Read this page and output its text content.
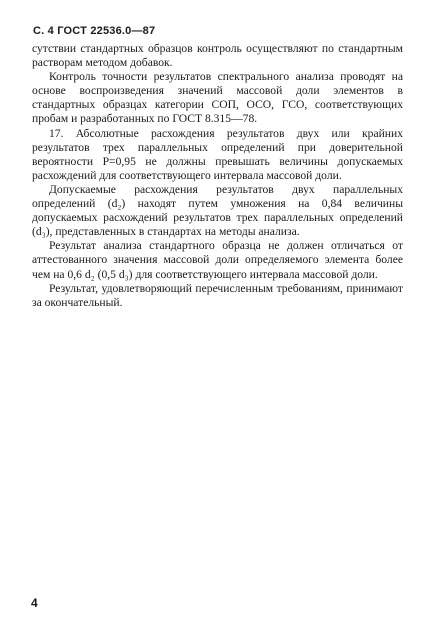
С. 4 ГОСТ 22536.0—87

сутствии стандартных образцов контроль осуществляют по стандартным растворам методом добавок.

Контроль точности результатов спектрального анализа проводят на основе воспроизведения значений массовой доли элементов в стандартных образцах категории СОП, ОСО, ГСО, соответствующих пробам и разработанных по ГОСТ 8.315—78.

17. Абсолютные расхождения результатов двух или крайних результатов трех параллельных определений при доверительной вероятности P=0,95 не должны превышать величины допускаемых расхождений для соответствующего интервала массовой доли.

Допускаемые расхождения результатов двух параллельных определений (d₂) находят путем умножения на 0,84 величины допускаемых расхождений результатов трех параллельных определений (d₃), представленных в стандартах на методы анализа.

Результат анализа стандартного образца не должен отличаться от аттестованного значения массовой доли определяемого элемента более чем на 0,6 d₂ (0,5 d₃) для соответствующего интервала массовой доли.

Результат, удовлетворяющий перечисленным требованиям, принимают за окончательный.

4
